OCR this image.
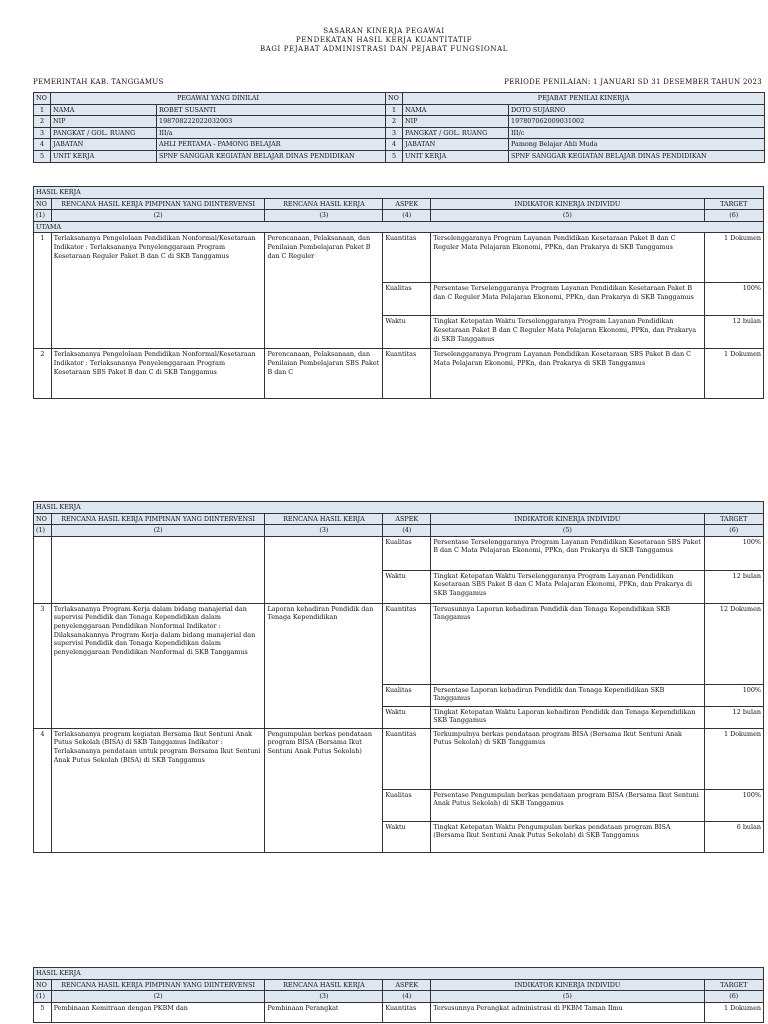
SASARAN KINERJA PEGAWAI
PENDEKATAN HASIL KERJA KUANTITATIF
BAGI PEJABAT ADMINISTRASI DAN PEJABAT FUNGSIONAL
PEMERINTAH KAB. TANGGAMUS	PERIODE PENILAIAN: 1 JANUARI SD 31 DESEMBER TAHUN 2023
NO	PEGAWAI YANG DINILAI		NO	PEJABAT PENILAI KINERJA	
1	NAMA	ROBET SUSANTI	1	NAMA	DOTO SUJARNO
2	NIP	198708222022032003	2	NIP	197807062009031002
3	PANGKAT / GOL. RUANG	III/a	3	PANGKAT / GOL. RUANG	III/c
4	JABATAN	AHLI PERTAMA - PAMONG BELAJAR	4	JABATAN	Pamong Belajar Ahli Muda
5	UNIT KERJA	SPNF SANGGAR KEGIATAN BELAJAR DINAS PENDIDIKAN	5	UNIT KERJA	SPNF SANGGAR KEGIATAN BELAJAR DINAS PENDIDIKAN
HASIL KERJA					
NO	RENCANA HASIL KERJA PIMPINAN YANG DIINTERVENSI	RENCANA HASIL KERJA	ASPEK	INDIKATOR KINERJA INDIVIDU	TARGET
(1)	(2)	(3)	(4)	(5)	(6)
UTAMA					
1	Terlaksananya Pengelolaan Pendidikan Nonformal/Kesetaraan Indikator : Terlaksananya Penyelenggaraan Program Kesetaraan Reguler Paket B dan C di SKB Tanggamus	Perencanaan, Pelaksanaan, dan Penilaian Pembelajaran Paket B dan C Reguler	Kuantitas	Terselenggaranya Program Layanan Pendidikan Kesetaraan Paket B dan C Reguler Mata Pelajaran Ekonomi, PPKn, dan Prakarya di SKB Tanggamus	1 Dokumen
			Kualitas	Persentase Terselenggaranya Program Layanan Pendidikan Kesetaraan Paket B dan C Reguler Mata Pelajaran Ekonomi, PPKn, dan Prakarya di SKB Tanggamus	100%
			Waktu	Tingkat Ketepatan Waktu Terselenggaranya Program Layanan Pendidikan Kesetaraan Paket B dan C Reguler Mata Pelajaran Ekonomi, PPKn, dan Prakarya di SKB Tanggamus	12 bulan
2	Terlaksananya Pengelolaan Pendidikan Nonformal/Kesetaraan Indikator : Terlaksananya Penyelenggaraan Program Kesetaraan SBS Paket B dan C di SKB Tanggamus	Perencanaan, Pelaksanaan, dan Penilaian Pembelajaran SBS Paket B dan C	Kuantitas	Terselenggaranya Program Layanan Pendidikan Kesetaraan SBS Paket B dan C Mata Pelajaran Ekonomi, PPKn, dan Prakarya di SKB Tanggamus	1 Dokumen
HASIL KERJA					
NO	RENCANA HASIL KERJA PIMPINAN YANG DIINTERVENSI	RENCANA HASIL KERJA	ASPEK	INDIKATOR KINERJA INDIVIDU	TARGET
(1)	(2)	(3)	(4)	(5)	(6)
			Kualitas	Persentase Terselenggaranya Program Layanan Pendidikan Kesetaraan SBS Paket B dan C Mata Pelajaran Ekonomi, PPKn, dan Prakarya di SKB Tanggamus	100%
			Waktu	Tingkat Ketepatan Waktu Terselenggaranya Program Layanan Pendidikan Kesetaraan SBS Paket B dan C Mata Pelajaran Ekonomi, PPKn, dan Prakarya di SKB Tanggamus	12 bulan
3	Terlaksananya Program Kerja dalam bidang manajerial dan supervisi Pendidik dan Tenaga Kependidikan dalam penyelenggaraan Pendidikan Nonformal Indikator : Dilaksanakannya Program Kerja dalam bidang manajerial dan supervisi Pendidik dan Tenaga Kependidikan dalam penyelenggaraan Pendidikan Nonformal di SKB Tanggamus	Laporan kehadiran Pendidik dan Tenaga Kependidikan	Kuantitas	Tersusunnya Laporan kehadiran Pendidik dan Tenaga Kependidikan SKB Tanggamus	12 Dokumen
			Kualitas	Persentase Laporan kehadiran Pendidik dan Tenaga Kependidikan SKB Tanggamus	100%
			Waktu	Tingkat Ketepatan Waktu Laporan kehadiran Pendidik dan Tenaga Kependidikan SKB Tanggamus	12 bulan
4	Terlaksananya program kegiatan Bersama Ikut Sentuni Anak Putus Sekolah (BISA) di SKB Tanggamus Indikator : Terlaksananya pendataan untuk program Bersama Ikut Sentuni Anak Putus Sekolah (BISA) di SKB Tanggamus	Pengumpulan berkas pendataan program BISA (Bersama Ikut Sentuni Anak Putus Sekolah)	Kuantitas	Terkumpulnya berkas pendataan program BISA (Bersama Ikut Sentuni Anak Putus Sekolah) di SKB Tanggamus	1 Dokumen
			Kualitas	Persentase Pengumpulan berkas pendataan program BISA (Bersama Ikut Sentuni Anak Putus Sekolah) di SKB Tanggamus	100%
			Waktu	Tingkat Ketepatan Waktu Pengumpulan berkas pendataan program BISA (Bersama Ikut Sentuni Anak Putus Sekolah) di SKB Tanggamus	6 bulan
HASIL KERJA					
NO	RENCANA HASIL KERJA PIMPINAN YANG DIINTERVENSI	RENCANA HASIL KERJA	ASPEK	INDIKATOR KINERJA INDIVIDU	TARGET
(1)	(2)	(3)	(4)	(5)	(6)
5	Pembinaan Kemitraan dengan PKBM dan	Pembinaan Perangkat	Kuantitas	Tersusunnya Perangkat administrasi di PKBM Taman Ilmu	1 Dokumen
